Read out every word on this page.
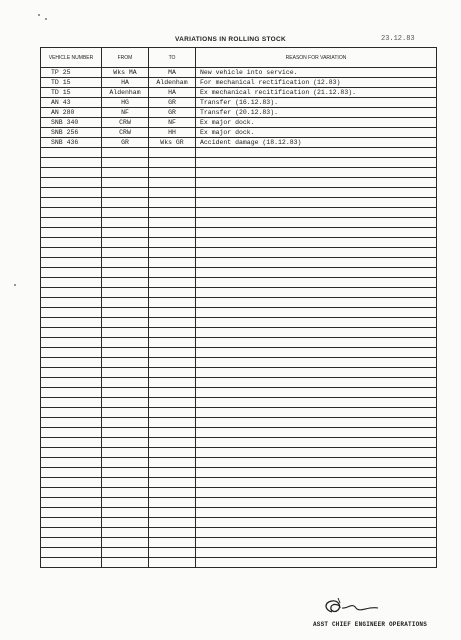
VARIATIONS IN ROLLING STOCK	23.12.83
VEHICLE NUMBER	FROM	TO	REASON FOR VARIATION
TP 25	Wks MA	MA	New vehicle into service.
TD 15	HA	Aldenham	For mechanical rectification (12.83)
TD 15	Aldenham	HA	Ex mechanical recitification (21.12.83).
AN 43	HG	GR	Transfer (16.12.83).
AN 280	NF	GR	Transfer (20.12.83).
SNB 340	CRW	NF	Ex major dock.
SNB 256	CRW	HH	Ex major dock.
SNB 436	GR	Wks GR	Accident damage (18.12.83)

ASST CHIEF ENGINEER OPERATIONS
